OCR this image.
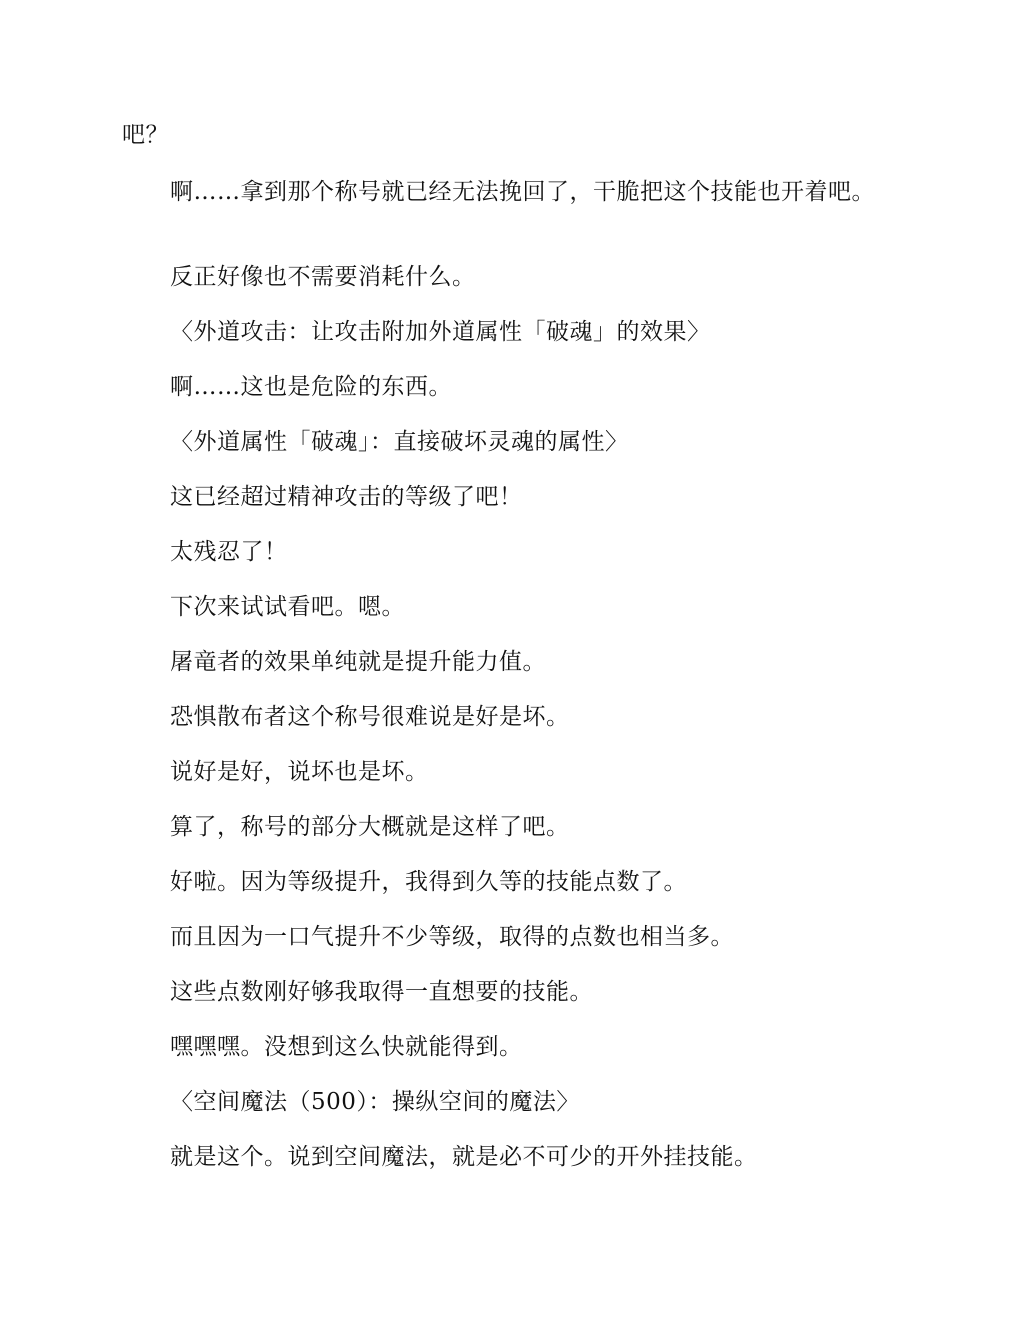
吧？

啊……拿到那个称号就已经无法挽回了，干脆把这个技能也开着吧。

反正好像也不需要消耗什么。

〈外道攻击：让攻击附加外道属性「破魂」的效果〉

啊……这也是危险的东西。

〈外道属性「破魂」：直接破坏灵魂的属性〉

这已经超过精神攻击的等级了吧！

太残忍了！

下次来试试看吧。嗯。

屠竜者的效果单纯就是提升能力值。

恐惧散布者这个称号很难说是好是坏。

说好是好，说坏也是坏。

算了，称号的部分大概就是这样了吧。

好啦。因为等级提升，我得到久等的技能点数了。

而且因为一口气提升不少等级，取得的点数也相当多。

这些点数刚好够我取得一直想要的技能。

嘿嘿嘿。没想到这么快就能得到。

〈空间魔法（500）：操纵空间的魔法〉

就是这个。说到空间魔法，就是必不可少的开外挂技能。
